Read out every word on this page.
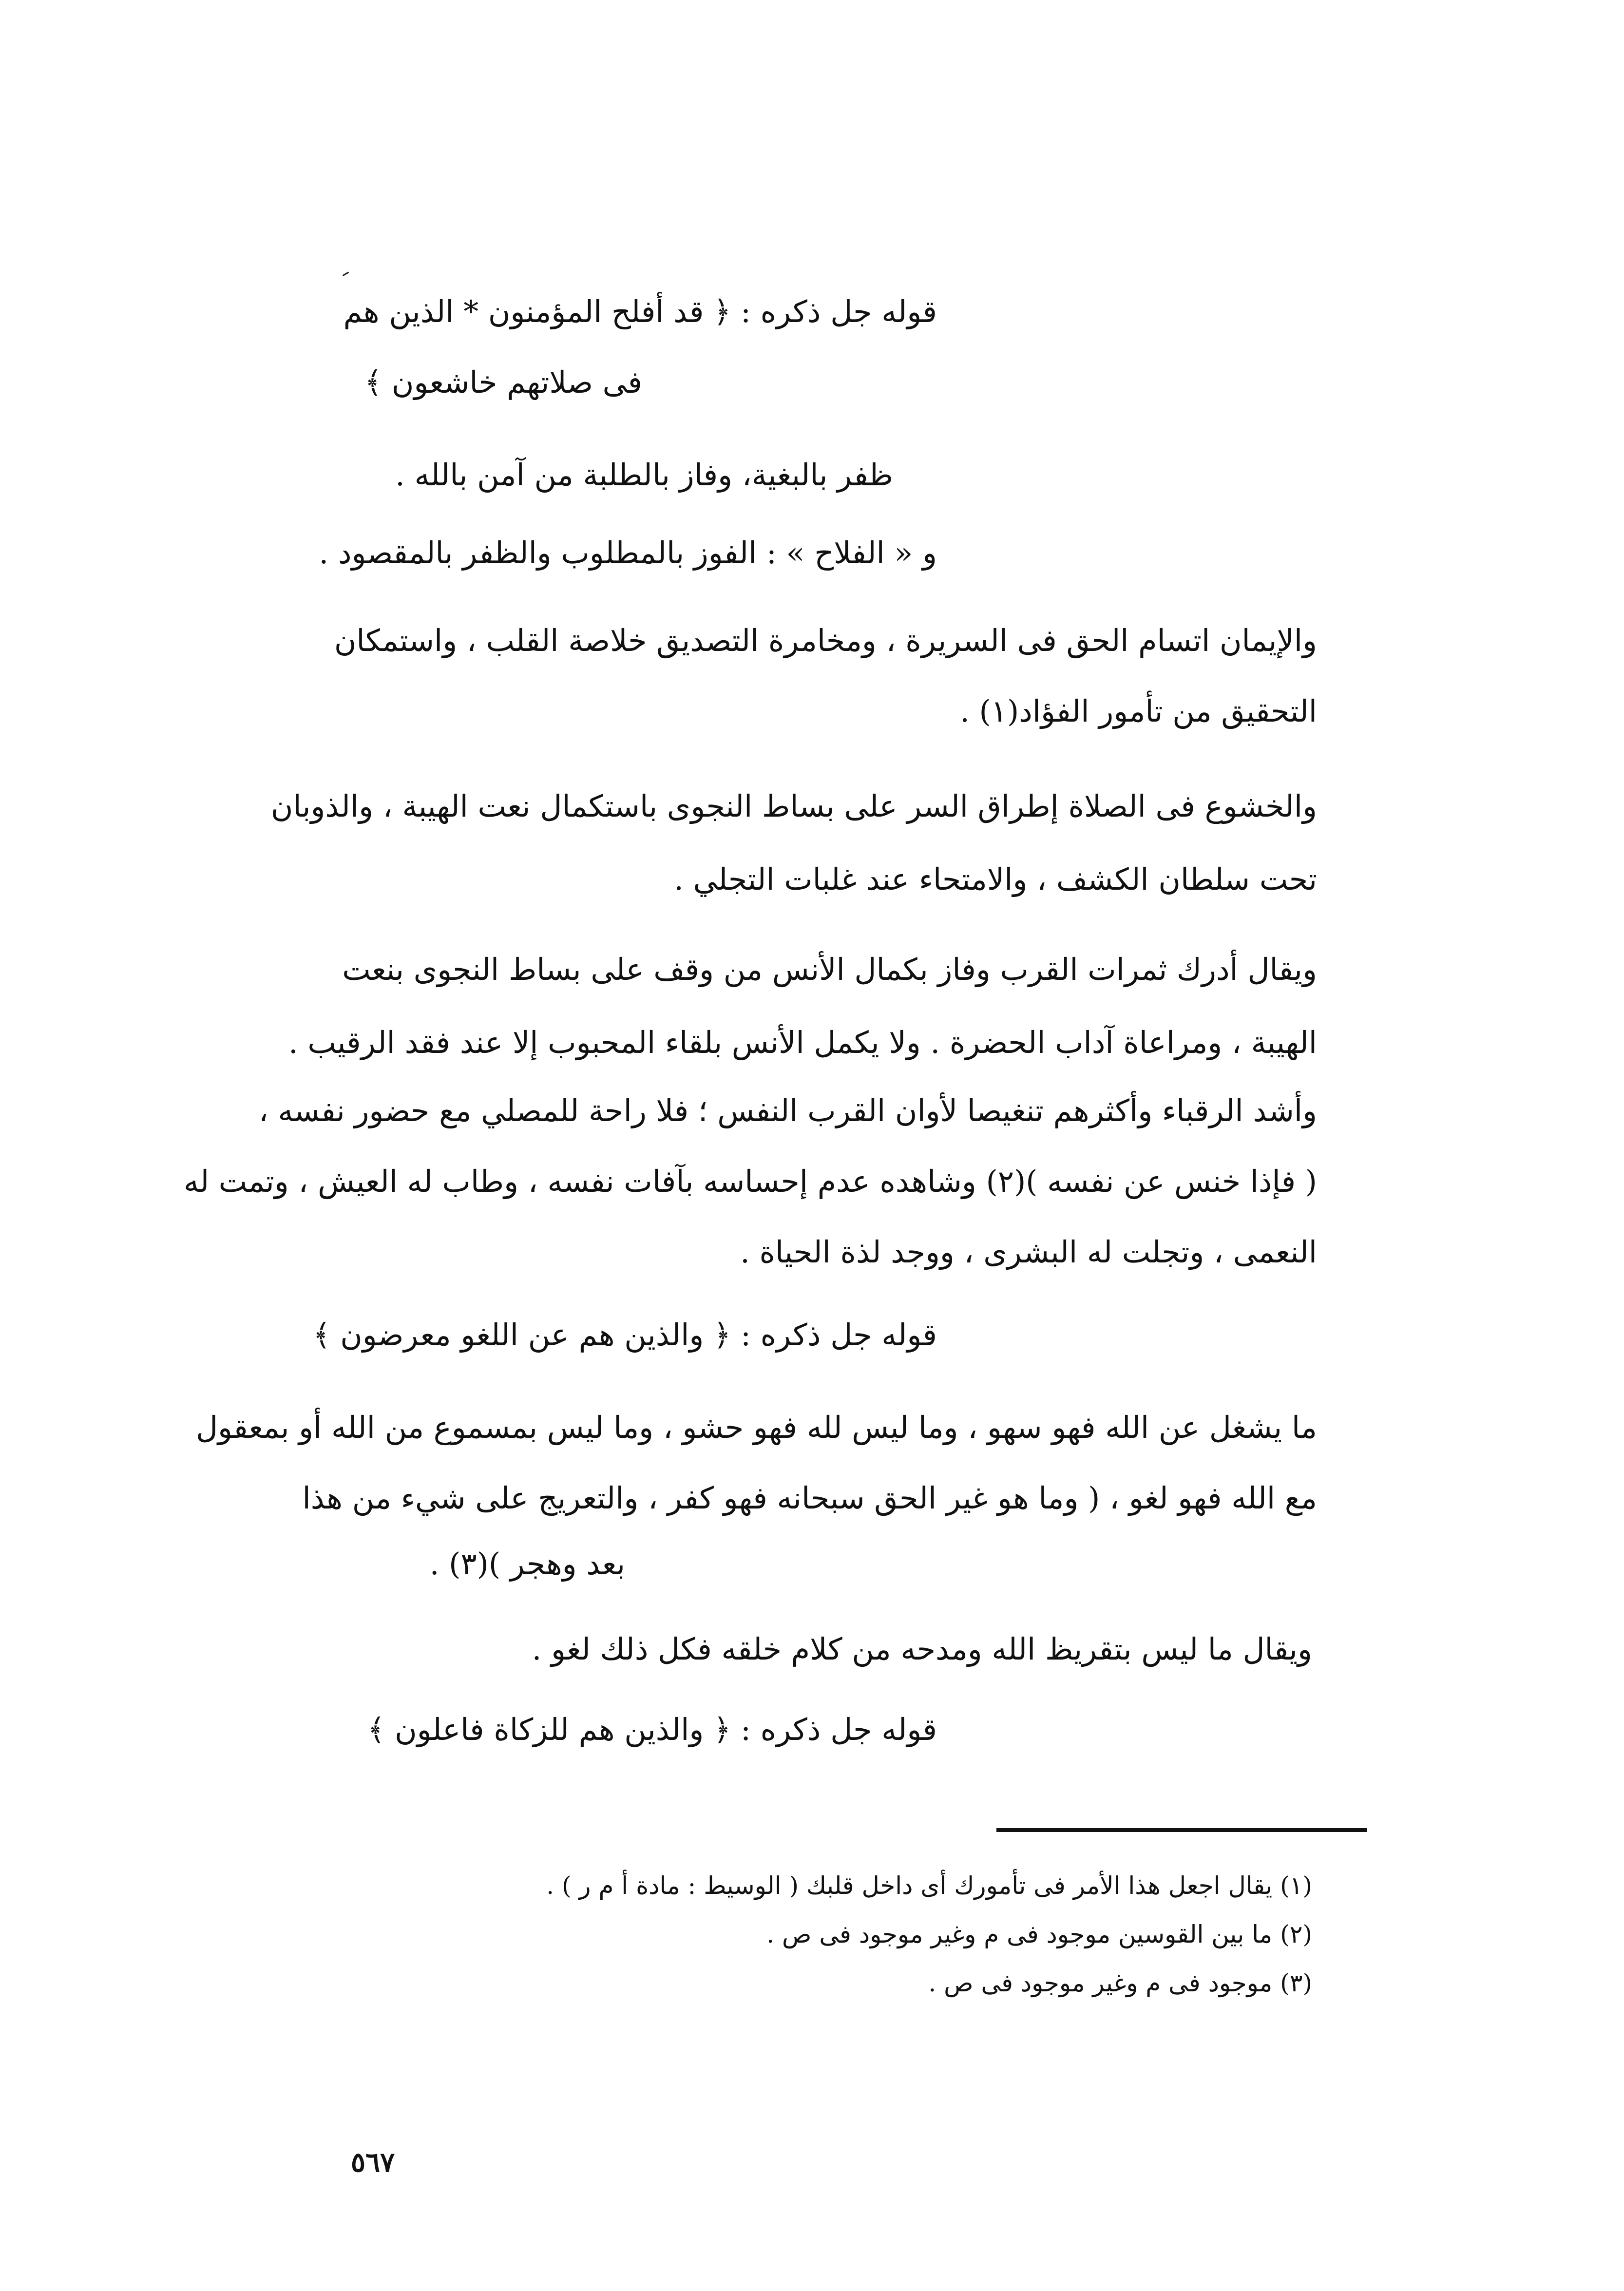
قوله جل ذكره : ﴿ قد أفلح المؤمنون * الذين هم
فى صلاتهم خاشعون ﴾
ظفر بالبغية، وفاز بالطلبة من آمن بالله .
و « الفلاح » : الفوز بالمطلوب والظفر بالمقصود .
والإيمان اتسام الحق فى السريرة ، ومخامرة التصديق خلاصة القلب ، واستمكان
التحقيق من تأمور الفؤاد(١) .
والخشوع فى الصلاة إطراق السر على بساط النجوى باستكمال نعت الهيبة ، والذوبان
تحت سلطان الكشف ، والامتحاء عند غلبات التجلي .
ويقال أدرك ثمرات القرب وفاز بكمال الأنس من وقف على بساط النجوى بنعت
الهيبة ، ومراعاة آداب الحضرة . ولا يكمل الأنس بلقاء المحبوب إلا عند فقد الرقيب .
وأشد الرقباء وأكثرهم تنغيصا لأوان القرب النفس ؛ فلا راحة للمصلي مع حضور نفسه ،
( فإذا خنس عن نفسه )(٢) وشاهده عدم إحساسه بآفات نفسه ، وطاب له العيش ، وتمت له
النعمى ، وتجلت له البشرى ، ووجد لذة الحياة .
قوله جل ذكره : ﴿ والذين هم عن اللغو معرضون ﴾
ما يشغل عن الله فهو سهو ، وما ليس لله فهو حشو ، وما ليس بمسموع من الله أو بمعقول
مع الله فهو لغو ، ( وما هو غير الحق سبحانه فهو كفر ، والتعريج على شيء من هذا
بعد وهجر )(٣) .
ويقال ما ليس بتقريظ الله ومدحه من كلام خلقه فكل ذلك لغو .
قوله جل ذكره : ﴿ والذين هم للزكاة فاعلون ﴾
(١) يقال اجعل هذا الأمر فى تأمورك أى داخل قلبك ( الوسيط : مادة أ م ر ) .
(٢) ما بين القوسين موجود فى م وغير موجود فى ص .
(٣) موجود فى م وغير موجود فى ص .
٥٦٧
